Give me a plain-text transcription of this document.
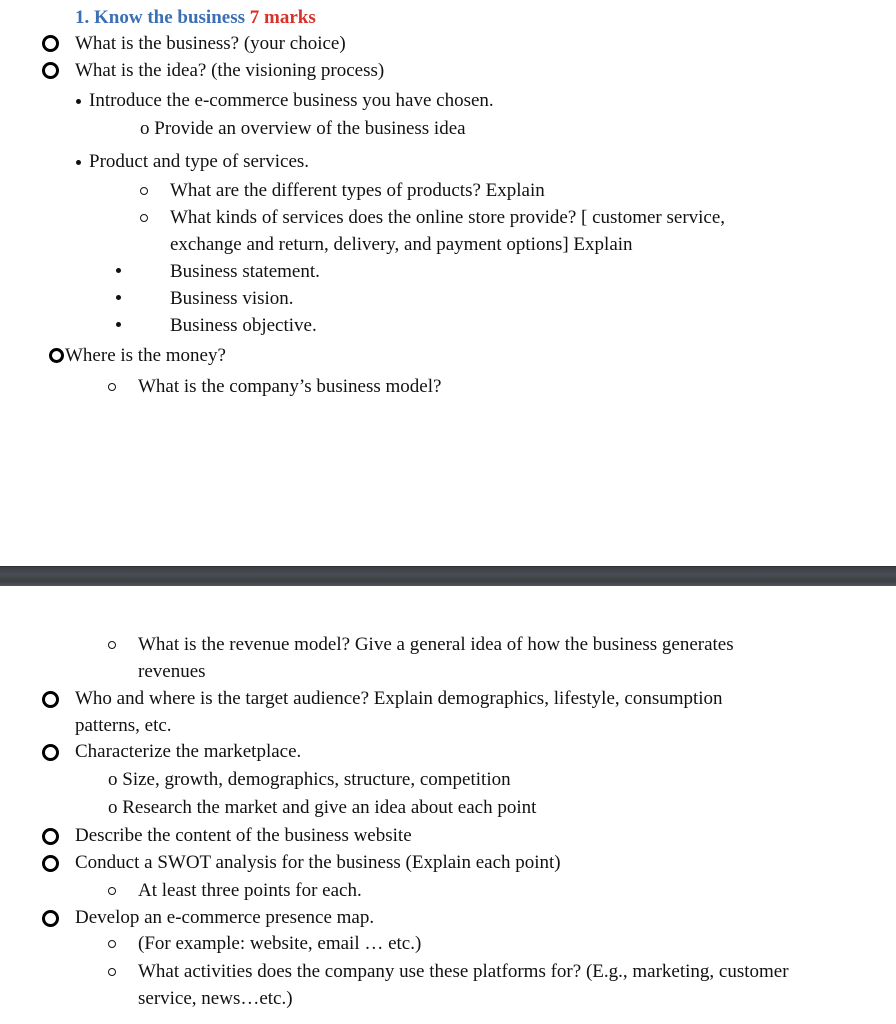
1. Know the business 7 marks
What is the business? (your choice)
What is the idea? (the visioning process)
Introduce the e-commerce business you have chosen.
o Provide an overview of the business idea
Product and type of services.
What are the different types of products? Explain
What kinds of services does the online store provide? [ customer service,
exchange and return, delivery, and payment options] Explain
Business statement.
Business vision.
Business objective.
Where is the money?
What is the company’s business model?
What is the revenue model? Give a general idea of how the business generates
revenues
Who and where is the target audience? Explain demographics, lifestyle, consumption
patterns, etc.
Characterize the marketplace.
o Size, growth, demographics, structure, competition
o Research the market and give an idea about each point
Describe the content of the business website
Conduct a SWOT analysis for the business (Explain each point)
At least three points for each.
Develop an e-commerce presence map.
(For example: website, email … etc.)
What activities does the company use these platforms for? (E.g., marketing, customer
service, news…etc.)
